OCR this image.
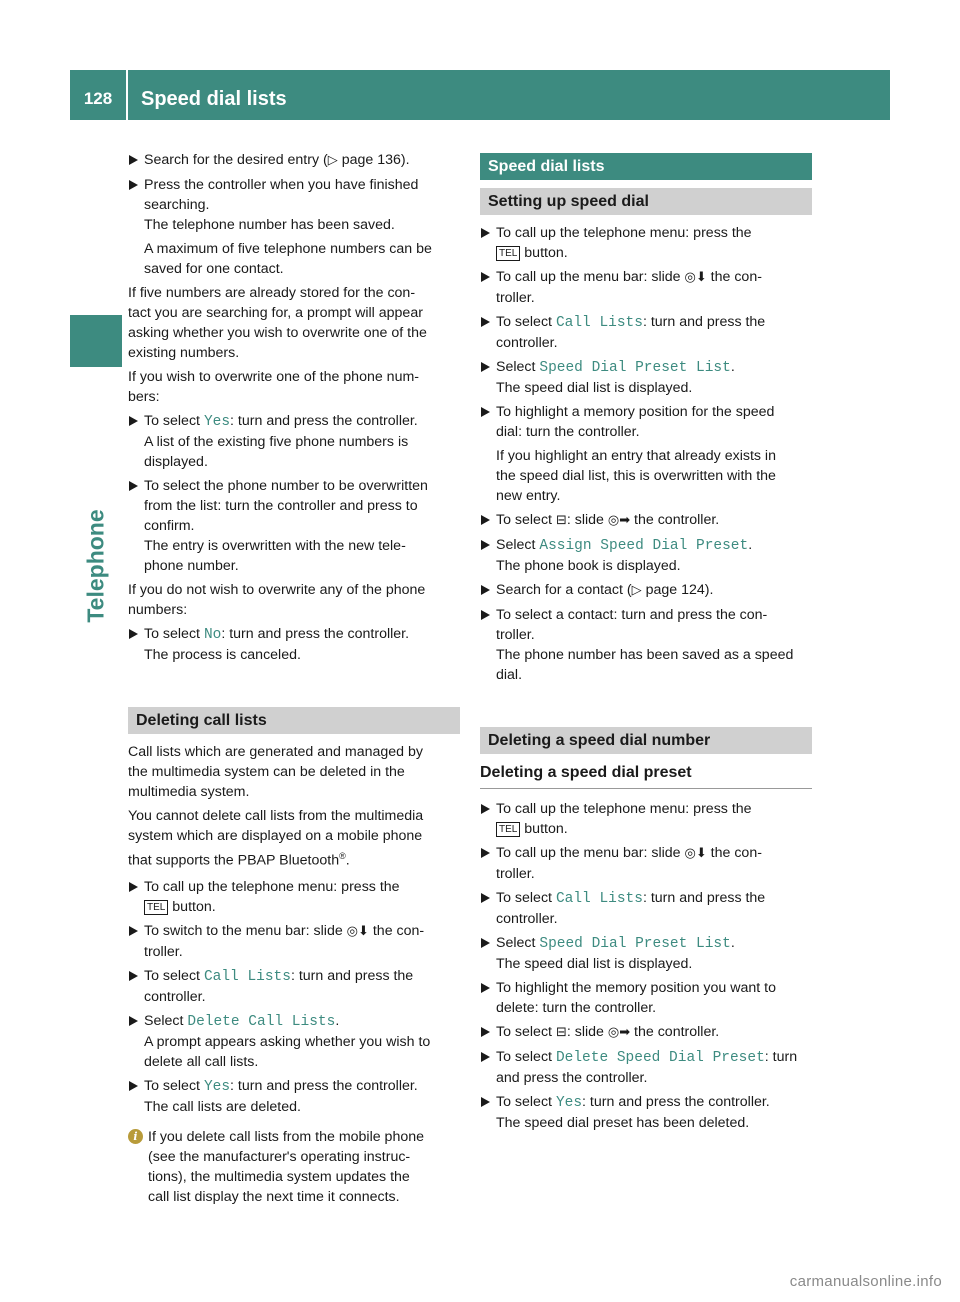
128	Speed dial lists
Telephone
Search for the desired entry (▷ page 136).
Press the controller when you have finished
searching.
The telephone number has been saved.
A maximum of five telephone numbers can be
saved for one contact.
If five numbers are already stored for the con-
tact you are searching for, a prompt will appear
asking whether you wish to overwrite one of the
existing numbers.
If you wish to overwrite one of the phone num-
bers:
To select Yes: turn and press the controller.
A list of the existing five phone numbers is
displayed.
To select the phone number to be overwritten
from the list: turn the controller and press to
confirm.
The entry is overwritten with the new tele-
phone number.
If you do not wish to overwrite any of the phone
numbers:
To select No: turn and press the controller.
The process is canceled.
Deleting call lists
Call lists which are generated and managed by
the multimedia system can be deleted in the
multimedia system.
You cannot delete call lists from the multimedia
system which are displayed on a mobile phone
that supports the PBAP Bluetooth®.
To call up the telephone menu: press the
TEL button.
To switch to the menu bar: slide ◎⬇ the con-
troller.
To select Call Lists: turn and press the
controller.
Select Delete Call Lists.
A prompt appears asking whether you wish to
delete all call lists.
To select Yes: turn and press the controller.
The call lists are deleted.
i If you delete call lists from the mobile phone
(see the manufacturer's operating instruc-
tions), the multimedia system updates the
call list display the next time it connects.
Speed dial lists
Setting up speed dial
To call up the telephone menu: press the
TEL button.
To call up the menu bar: slide ◎⬇ the con-
troller.
To select Call Lists: turn and press the
controller.
Select Speed Dial Preset List.
The speed dial list is displayed.
To highlight a memory position for the speed
dial: turn the controller.
If you highlight an entry that already exists in
the speed dial list, this is overwritten with the
new entry.
To select ⊟: slide ◎➡ the controller.
Select Assign Speed Dial Preset.
The phone book is displayed.
Search for a contact (▷ page 124).
To select a contact: turn and press the con-
troller.
The phone number has been saved as a speed
dial.
Deleting a speed dial number
Deleting a speed dial preset
To call up the telephone menu: press the
TEL button.
To call up the menu bar: slide ◎⬇ the con-
troller.
To select Call Lists: turn and press the
controller.
Select Speed Dial Preset List.
The speed dial list is displayed.
To highlight the memory position you want to
delete: turn the controller.
To select ⊟: slide ◎➡ the controller.
To select Delete Speed Dial Preset: turn
and press the controller.
To select Yes: turn and press the controller.
The speed dial preset has been deleted.
carmanualsonline.info
